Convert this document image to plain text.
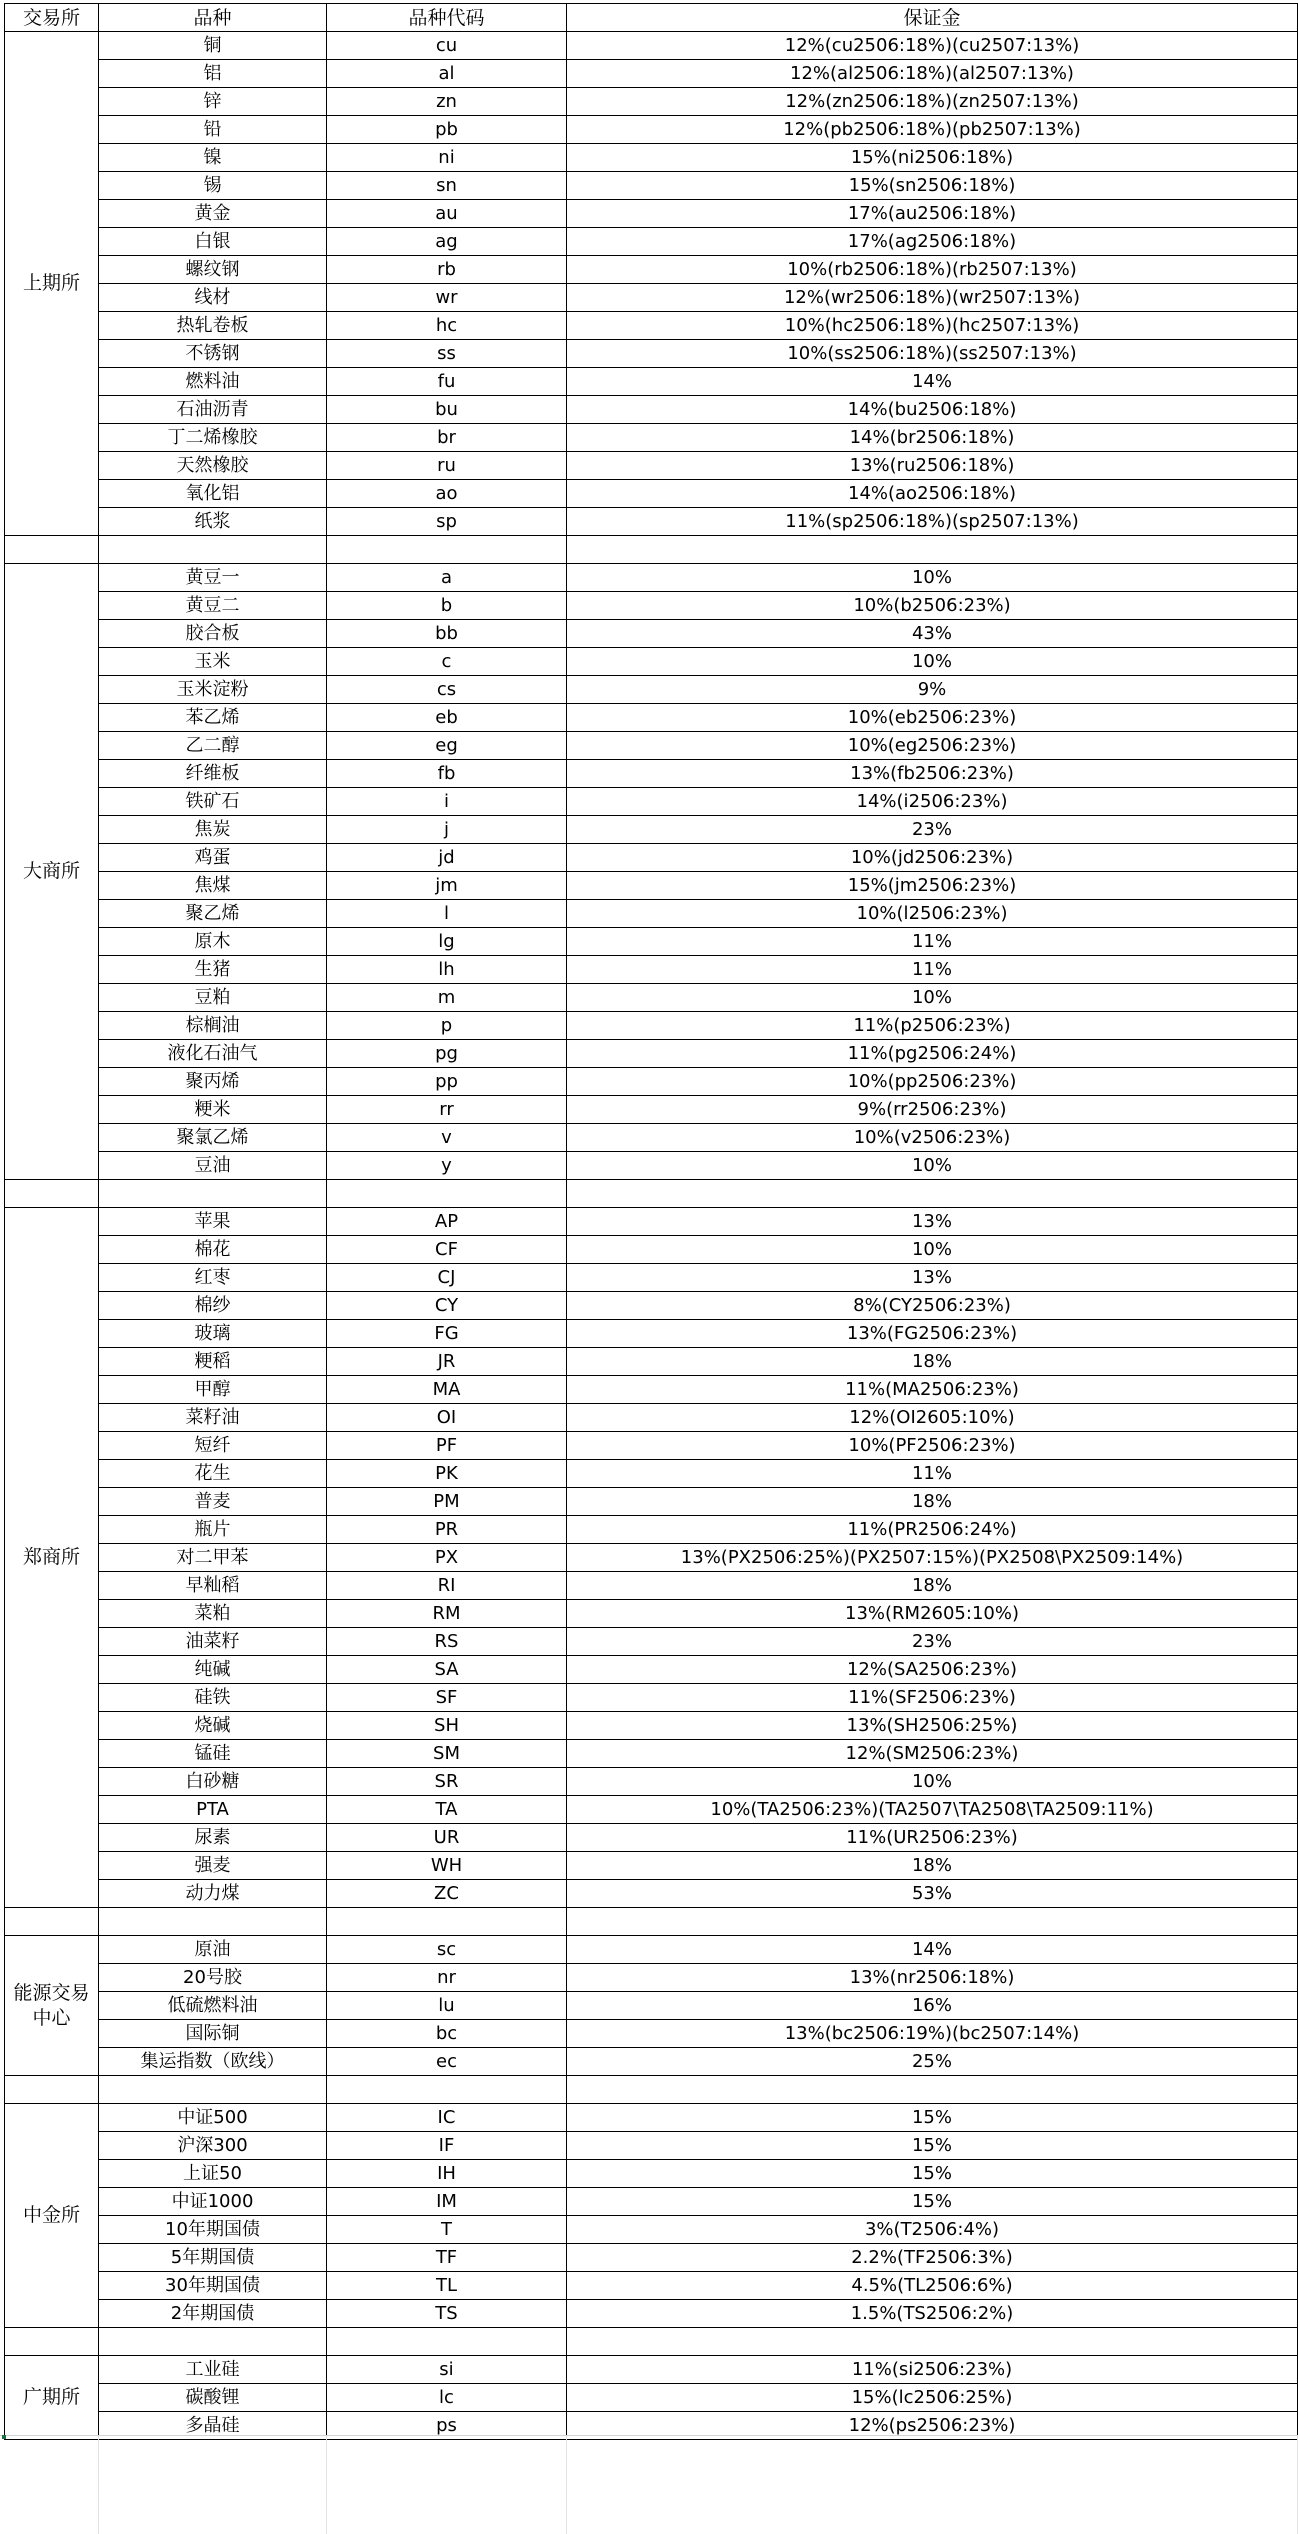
交易所	品种	品种代码	保证金
上期所	铜	cu	12%(cu2506:18%)(cu2507:13%)
	铝	al	12%(al2506:18%)(al2507:13%)
	锌	zn	12%(zn2506:18%)(zn2507:13%)
	铅	pb	12%(pb2506:18%)(pb2507:13%)
	镍	ni	15%(ni2506:18%)
	锡	sn	15%(sn2506:18%)
	黄金	au	17%(au2506:18%)
	白银	ag	17%(ag2506:18%)
	螺纹钢	rb	10%(rb2506:18%)(rb2507:13%)
	线材	wr	12%(wr2506:18%)(wr2507:13%)
	热轧卷板	hc	10%(hc2506:18%)(hc2507:13%)
	不锈钢	ss	10%(ss2506:18%)(ss2507:13%)
	燃料油	fu	14%
	石油沥青	bu	14%(bu2506:18%)
	丁二烯橡胶	br	14%(br2506:18%)
	天然橡胶	ru	13%(ru2506:18%)
	氧化铝	ao	14%(ao2506:18%)
	纸浆	sp	11%(sp2506:18%)(sp2507:13%)

大商所	黄豆一	a	10%
	黄豆二	b	10%(b2506:23%)
	胶合板	bb	43%
	玉米	c	10%
	玉米淀粉	cs	9%
	苯乙烯	eb	10%(eb2506:23%)
	乙二醇	eg	10%(eg2506:23%)
	纤维板	fb	13%(fb2506:23%)
	铁矿石	i	14%(i2506:23%)
	焦炭	j	23%
	鸡蛋	jd	10%(jd2506:23%)
	焦煤	jm	15%(jm2506:23%)
	聚乙烯	l	10%(l2506:23%)
	原木	lg	11%
	生猪	lh	11%
	豆粕	m	10%
	棕榈油	p	11%(p2506:23%)
	液化石油气	pg	11%(pg2506:24%)
	聚丙烯	pp	10%(pp2506:23%)
	粳米	rr	9%(rr2506:23%)
	聚氯乙烯	v	10%(v2506:23%)
	豆油	y	10%

郑商所	苹果	AP	13%
	棉花	CF	10%
	红枣	CJ	13%
	棉纱	CY	8%(CY2506:23%)
	玻璃	FG	13%(FG2506:23%)
	粳稻	JR	18%
	甲醇	MA	11%(MA2506:23%)
	菜籽油	OI	12%(OI2605:10%)
	短纤	PF	10%(PF2506:23%)
	花生	PK	11%
	普麦	PM	18%
	瓶片	PR	11%(PR2506:24%)
	对二甲苯	PX	13%(PX2506:25%)(PX2507:15%)(PX2508\PX2509:14%)
	早籼稻	RI	18%
	菜粕	RM	13%(RM2605:10%)
	油菜籽	RS	23%
	纯碱	SA	12%(SA2506:23%)
	硅铁	SF	11%(SF2506:23%)
	烧碱	SH	13%(SH2506:25%)
	锰硅	SM	12%(SM2506:23%)
	白砂糖	SR	10%
	PTA	TA	10%(TA2506:23%)(TA2507\TA2508\TA2509:11%)
	尿素	UR	11%(UR2506:23%)
	强麦	WH	18%
	动力煤	ZC	53%

能源交易中心	原油	sc	14%
	20号胶	nr	13%(nr2506:18%)
	低硫燃料油	lu	16%
	国际铜	bc	13%(bc2506:19%)(bc2507:14%)
	集运指数（欧线）	ec	25%

中金所	中证500	IC	15%
	沪深300	IF	15%
	上证50	IH	15%
	中证1000	IM	15%
	10年期国债	T	3%(T2506:4%)
	5年期国债	TF	2.2%(TF2506:3%)
	30年期国债	TL	4.5%(TL2506:6%)
	2年期国债	TS	1.5%(TS2506:2%)

广期所	工业硅	si	11%(si2506:23%)
	碳酸锂	lc	15%(lc2506:25%)
	多晶硅	ps	12%(ps2506:23%)
